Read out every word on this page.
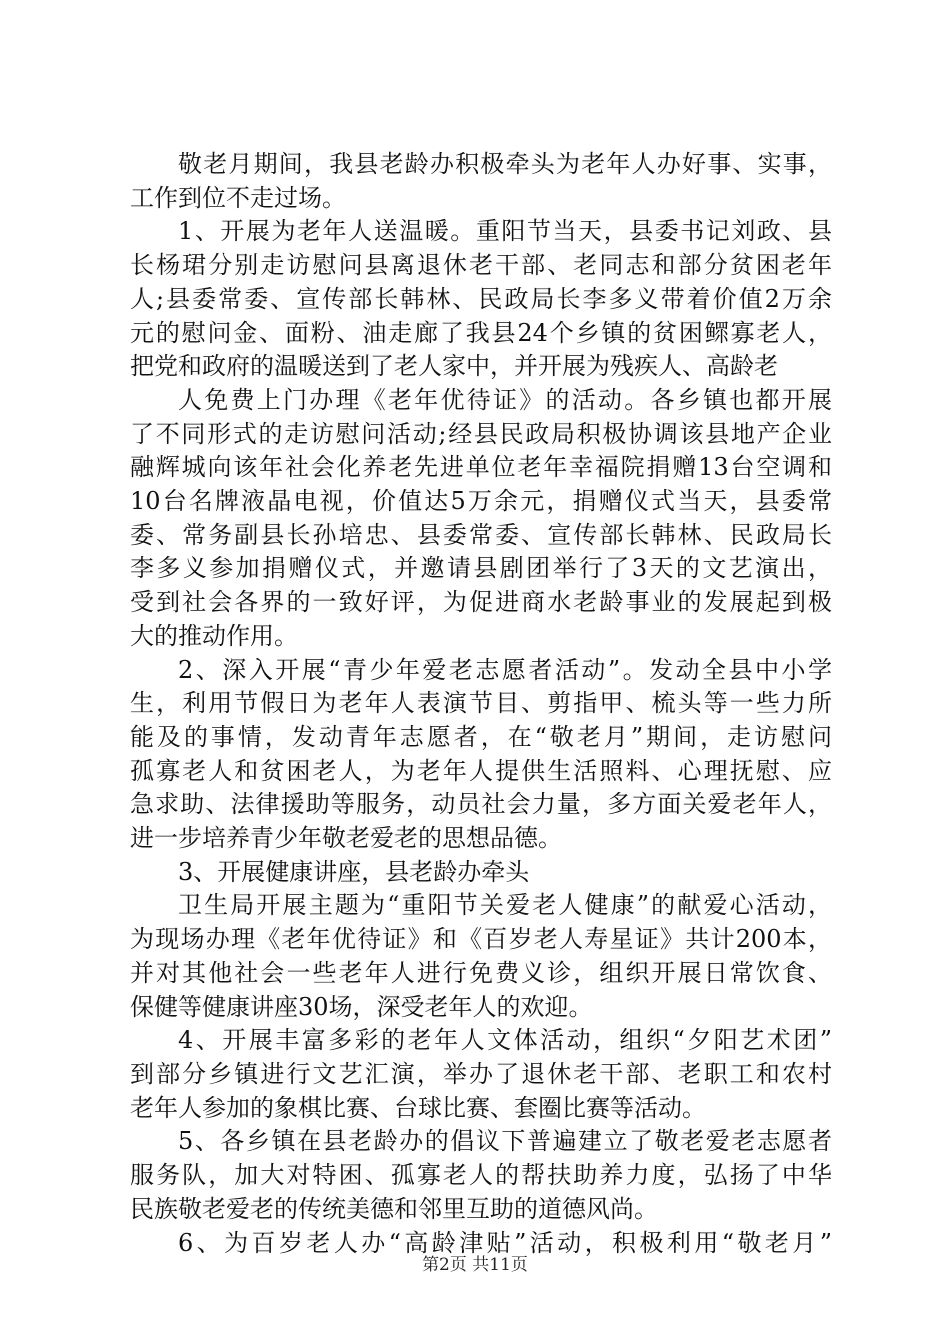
敬老月期间，我县老龄办积极牵头为老年人办好事、实事，
工作到位不走过场。
1、开展为老年人送温暖。重阳节当天，县委书记刘政、县
长杨珺分别走访慰问县离退休老干部、老同志和部分贫困老年
人;县委常委、宣传部长韩林、民政局长李多义带着价值2万余
元的慰问金、面粉、油走廊了我县24个乡镇的贫困鳏寡老人，
把党和政府的温暖送到了老人家中，并开展为残疾人、高龄老
人免费上门办理《老年优待证》的活动。各乡镇也都开展
了不同形式的走访慰问活动;经县民政局积极协调该县地产企业
融辉城向该年社会化养老先进单位老年幸福院捐赠13台空调和
10台名牌液晶电视，价值达5万余元，捐赠仪式当天，县委常
委、常务副县长孙培忠、县委常委、宣传部长韩林、民政局长
李多义参加捐赠仪式，并邀请县剧团举行了3天的文艺演出，
受到社会各界的一致好评，为促进商水老龄事业的发展起到极
大的推动作用。
2、深入开展“青少年爱老志愿者活动”。发动全县中小学
生，利用节假日为老年人表演节目、剪指甲、梳头等一些力所
能及的事情，发动青年志愿者，在“敬老月”期间，走访慰问
孤寡老人和贫困老人，为老年人提供生活照料、心理抚慰、应
急求助、法律援助等服务，动员社会力量，多方面关爱老年人，
进一步培养青少年敬老爱老的思想品德。
3、开展健康讲座，县老龄办牵头
卫生局开展主题为“重阳节关爱老人健康”的献爱心活动，
为现场办理《老年优待证》和《百岁老人寿星证》共计200本，
并对其他社会一些老年人进行免费义诊，组织开展日常饮食、
保健等健康讲座30场，深受老年人的欢迎。
4、开展丰富多彩的老年人文体活动，组织“夕阳艺术团”
到部分乡镇进行文艺汇演，举办了退休老干部、老职工和农村
老年人参加的象棋比赛、台球比赛、套圈比赛等活动。
5、各乡镇在县老龄办的倡议下普遍建立了敬老爱老志愿者
服务队，加大对特困、孤寡老人的帮扶助养力度，弘扬了中华
民族敬老爱老的传统美德和邻里互助的道德风尚。
6、为百岁老人办“高龄津贴”活动，积极利用“敬老月”
第2页 共11页
